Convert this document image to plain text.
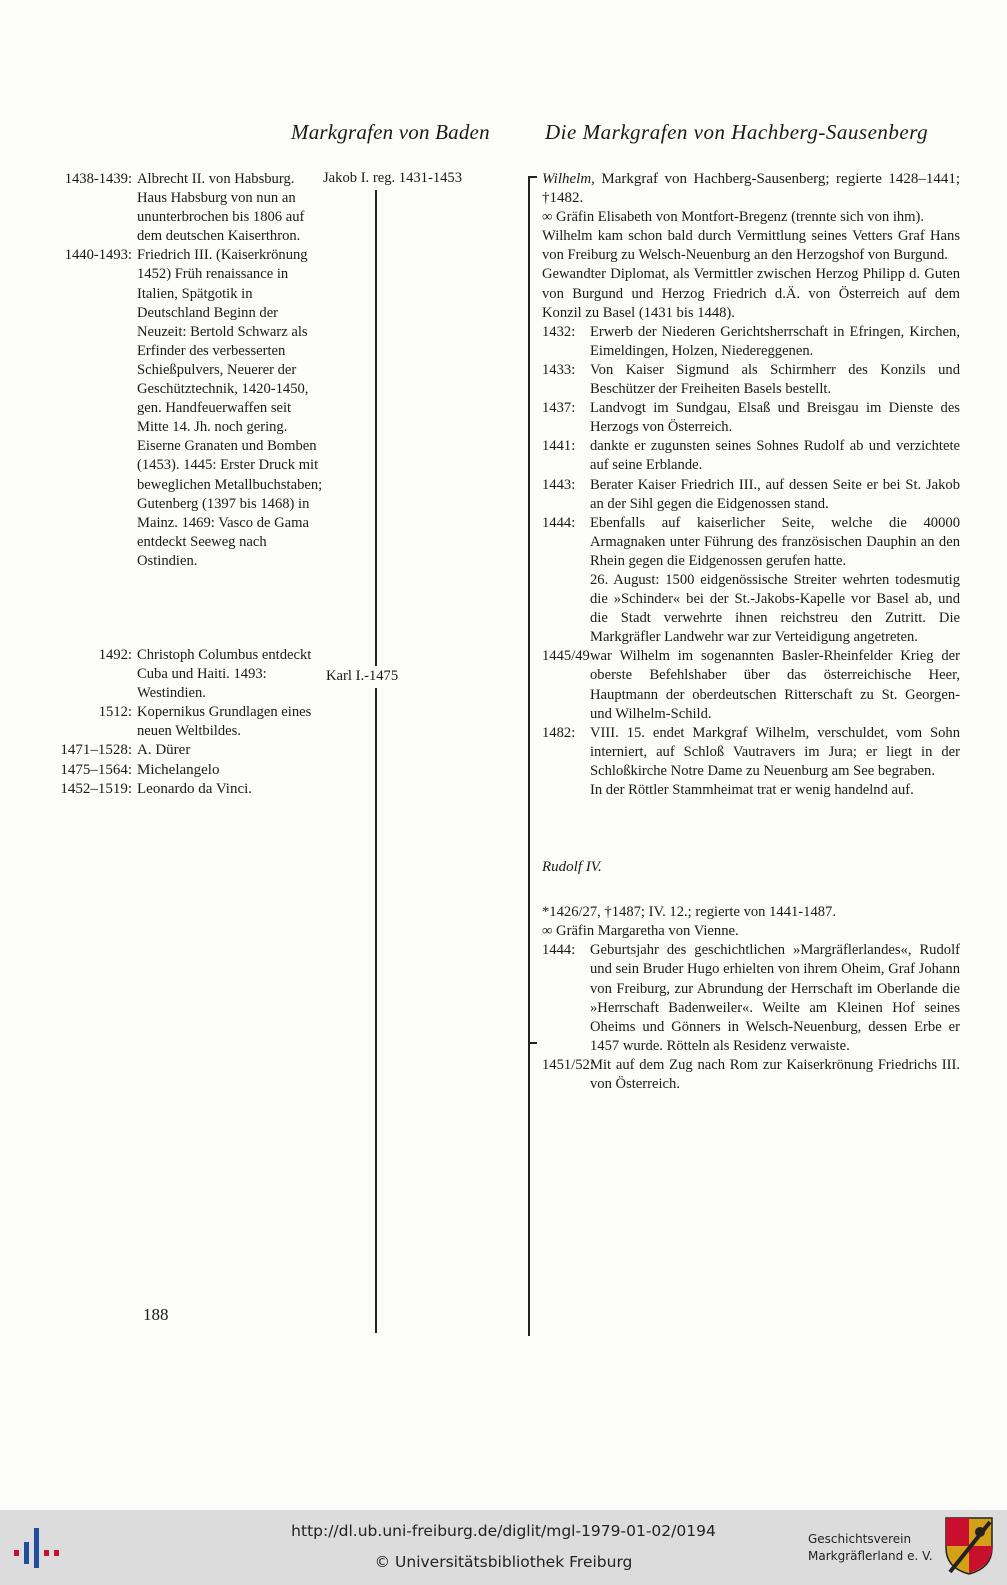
Markgrafen von Baden	Die Markgrafen von Hachberg-Sausenberg
1438-1439: Albrecht II. von Habsburg. Haus Habsburg von nun an ununterbrochen bis 1806 auf dem deutschen Kaiserthron.
1440-1493: Friedrich III. (Kaiserkrönung 1452) Früh renaissance in Italien, Spätgotik in Deutschland Beginn der Neuzeit: Bertold Schwarz als Erfinder des verbesserten Schießpulvers, Neuerer der Geschütztechnik, 1420-1450, gen. Handfeuerwaffen seit Mitte 14. Jh. noch gering. Eiserne Granaten und Bomben (1453). 1445: Erster Druck mit beweglichen Metallbuchstaben; Gutenberg (1397 bis 1468) in Mainz. 1469: Vasco de Gama entdeckt Seeweg nach Ostindien.
1492: Christoph Columbus entdeckt Cuba und Haiti. 1493: Westindien.
1512: Kopernikus Grundlagen eines neuen Weltbildes.
1471–1528: A. Dürer
1475–1564: Michelangelo
1452–1519: Leonardo da Vinci.
Jakob I. reg. 1431-1453
Karl I.-1475

Wilhelm, Markgraf von Hachberg-Sausenberg; regierte 1428–1441; †1482.

∞ Gräfin Elisabeth von Montfort-Bregenz (trennte sich von ihm).

Wilhelm kam schon bald durch Vermittlung seines Vetters Graf Hans von Freiburg zu Welsch-Neuenburg an den Herzogshof von Burgund.

Gewandter Diplomat, als Vermittler zwischen Herzog Philipp d. Guten von Burgund und Herzog Friedrich d.Ä. von Österreich auf dem Konzil zu Basel (1431 bis 1448).

1432:	Erwerb der Niederen Gerichtsherrschaft in Efringen, Kirchen, Eimeldingen, Holzen, Niedereggenen.
1433:	Von Kaiser Sigmund als Schirmherr des Konzils und Beschützer der Freiheiten Basels bestellt.
1437:	Landvogt im Sundgau, Elsaß und Breisgau im Dienste des Herzogs von Österreich.
1441:	dankte er zugunsten seines Sohnes Rudolf ab und verzichtete auf seine Erblande.
1443:	Berater Kaiser Friedrich III., auf dessen Seite er bei St. Jakob an der Sihl gegen die Eidgenossen stand.
1444:	Ebenfalls auf kaiserlicher Seite, welche die 40000 Armagnaken unter Führung des französischen Dauphin an den Rhein gegen die Eidgenossen gerufen hatte.

26. August: 1500 eidgenössische Streiter wehrten todesmutig die »Schinder« bei der St.-Jakobs-Kapelle vor Basel ab, und die Stadt verwehrte ihnen reichstreu den Zutritt. Die Markgräfler Landwehr war zur Verteidigung angetreten.

1445/49 war Wilhelm im sogenannten Basler-Rheinfelder Krieg der oberste Befehlshaber über das österreichische Heer, Hauptmann der oberdeutschen Ritterschaft zu St. Georgen- und Wilhelm-Schild.
1482:	VIII. 15. endet Markgraf Wilhelm, verschuldet, vom Sohn interniert, auf Schloß Vautravers im Jura; er liegt in der Schloßkirche Notre Dame zu Neuenburg am See begraben.

In der Röttler Stammheimat trat er wenig handelnd auf.

Rudolf IV.

*1426/27, †1487; IV. 12.; regierte von 1441-1487.

∞ Gräfin Margaretha von Vienne.

1444:	Geburtsjahr des geschichtlichen »Margräflerlandes«, Rudolf und sein Bruder Hugo erhielten von ihrem Oheim, Graf Johann von Freiburg, zur Abrundung der Herrschaft im Oberlande die »Herrschaft Badenweiler«. Weilte am Kleinen Hof seines Oheims und Gönners in Welsch-Neuenburg, dessen Erbe er 1457 wurde. Rötteln als Residenz verwaiste.
1451/52:
Mit auf dem Zug nach Rom zur Kaiserkrönung Friedrichs III. von Österreich.
188
http://dl.ub.uni-freiburg.de/diglit/mgl-1979-01-02/0194
© Universitätsbibliothek Freiburg
Geschichtsverein
Markgräflerland e. V.
